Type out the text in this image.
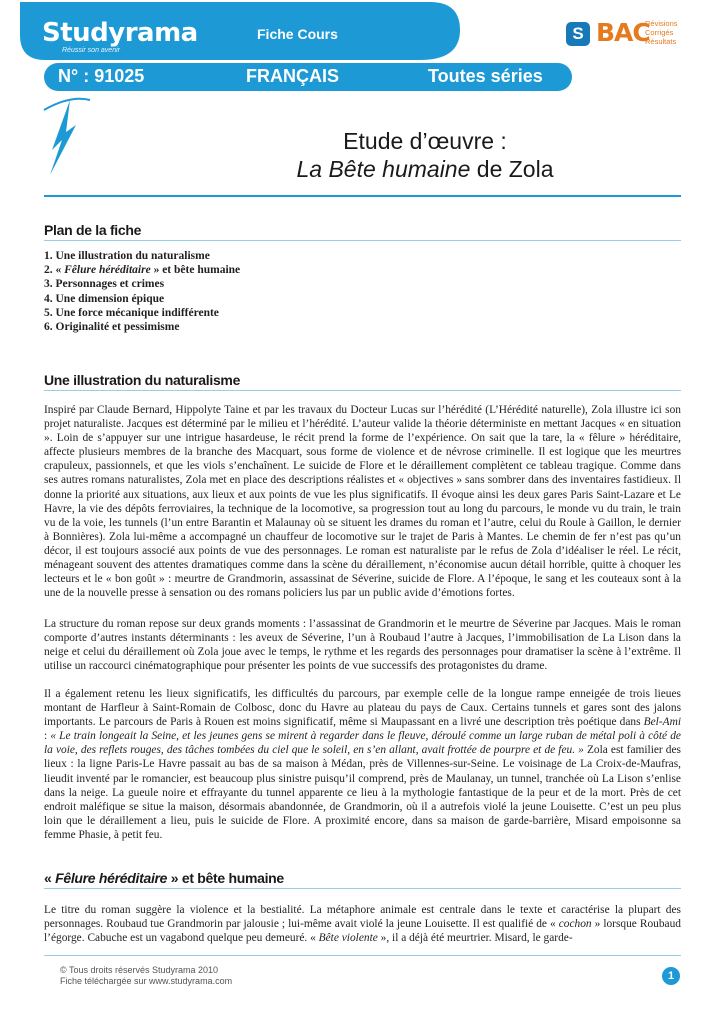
Studyrama
Réussir son avenir
Fiche Cours	S BAC
Révisions
Corrigés
Résultats
N° : 91025	FRANÇAIS	Toutes séries
Etude d’œuvre :
La Bête humaine de Zola
Plan de la fiche
1. Une illustration du naturalisme
2. « Fêlure héréditaire » et bête humaine
3. Personnages et crimes
4. Une dimension épique
5. Une force mécanique indifférente
6. Originalité et pessimisme
Une illustration du naturalisme
Inspiré par Claude Bernard, Hippolyte Taine et par les travaux du Docteur Lucas sur l’hérédité (L’Hérédité naturelle), Zola illustre ici son projet naturaliste. Jacques est déterminé par le milieu et l’hérédité. L’auteur valide la théorie déterministe en mettant Jacques « en situation ». Loin de s’appuyer sur une intrigue hasardeuse, le récit prend la forme de l’expérience. On sait que la tare, la « fêlure » héréditaire, affecte plusieurs membres de la branche des Macquart, sous forme de violence et de névrose criminelle. Il est logique que les meurtres crapuleux, passionnels, et que les viols s’enchaînent. Le suicide de Flore et le déraillement complètent ce tableau tragique. Comme dans ses autres romans naturalistes, Zola met en place des descriptions réalistes et « objectives » sans sombrer dans des inventaires fastidieux. Il donne la priorité aux situations, aux lieux et aux points de vue les plus significatifs. Il évoque ainsi les deux gares Paris Saint-Lazare et Le Havre, la vie des dépôts ferroviaires, la technique de la locomotive, sa progression tout au long du parcours, le monde vu du train, le train vu de la voie, les tunnels (l’un entre Barantin et Malaunay où se situent les drames du roman et l’autre, celui du Roule à Gaillon, le dernier à Bonnières). Zola lui-même a accompagné un chauffeur de locomotive sur le trajet de Paris à Mantes. Le chemin de fer n’est pas qu’un décor, il est toujours associé aux points de vue des personnages. Le roman est naturaliste par le refus de Zola d’idéaliser le réel. Le récit, ménageant souvent des attentes dramatiques comme dans la scène du déraillement, n’économise aucun détail horrible, quitte à choquer les lecteurs et le « bon goût » : meurtre de Grandmorin, assassinat de Séverine, suicide de Flore. A l’époque, le sang et les couteaux sont à la une de la nouvelle presse à sensation ou des romans policiers lus par un public avide d’émotions fortes.
La structure du roman repose sur deux grands moments : l’assassinat de Grandmorin et le meurtre de Séverine par Jacques. Mais le roman comporte d’autres instants déterminants : les aveux de Séverine, l’un à Roubaud l’autre à Jacques, l’immobilisation de La Lison dans la neige et celui du déraillement où Zola joue avec le temps, le rythme et les regards des personnages pour dramatiser la scène à l’extrême. Il utilise un raccourci cinématographique pour présenter les points de vue successifs des protagonistes du drame.
Il a également retenu les lieux significatifs, les difficultés du parcours, par exemple celle de la longue rampe enneigée de trois lieues montant de Harfleur à Saint-Romain de Colbosc, donc du Havre au plateau du pays de Caux. Certains tunnels et gares sont des jalons importants. Le parcours de Paris à Rouen est moins significatif, même si Maupassant en a livré une description très poétique dans Bel-Ami : « Le train longeait la Seine, et les jeunes gens se mirent à regarder dans le fleuve, déroulé comme un large ruban de métal poli à côté de la voie, des reflets rouges, des tâches tombées du ciel que le soleil, en s’en allant, avait frottée de pourpre et de feu. » Zola est familier des lieux : la ligne Paris-Le Havre passait au bas de sa maison à Médan, près de Villennes-sur-Seine. Le voisinage de La Croix-de-Maufras, lieudit inventé par le romancier, est beaucoup plus sinistre puisqu’il comprend, près de Maulanay, un tunnel, tranchée où La Lison s’enlise dans la neige. La gueule noire et effrayante du tunnel apparente ce lieu à la mythologie fantastique de la peur et de la mort. Près de cet endroit maléfique se situe la maison, désormais abandonnée, de Grandmorin, où il a autrefois violé la jeune Louisette. C’est un peu plus loin que le déraillement a lieu, puis le suicide de Flore. A proximité encore, dans sa maison de garde-barrière, Misard empoisonne sa femme Phasie, à petit feu.
« Fêlure héréditaire » et bête humaine
Le titre du roman suggère la violence et la bestialité. La métaphore animale est centrale dans le texte et caractérise la plupart des personnages. Roubaud tue Grandmorin par jalousie ; lui-même avait violé la jeune Louisette. Il est qualifié de « cochon » lorsque Roubaud l’égorge. Cabuche est un vagabond quelque peu demeuré. « Bête violente », il a déjà été meurtrier. Misard, le garde-
© Tous droits réservés Studyrama 2010
Fiche téléchargée sur www.studyrama.com	1
